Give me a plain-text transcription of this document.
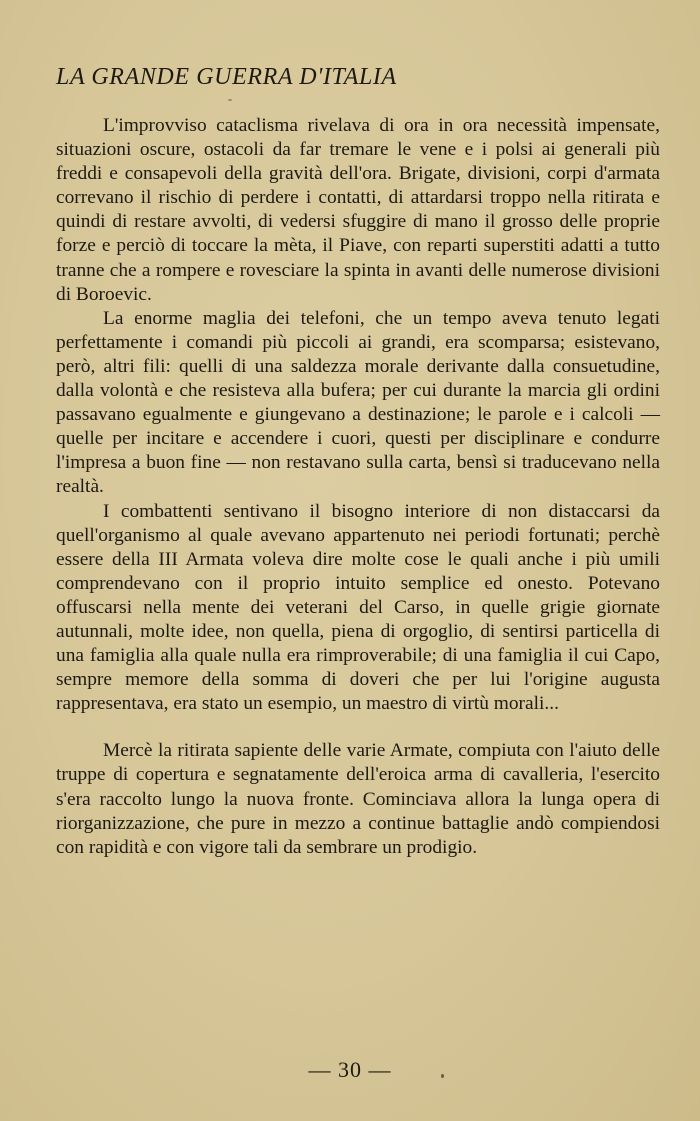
LA GRANDE GUERRA D'ITALIA

L'improvviso cataclisma rivelava di ora in ora necessità impensate, situazioni oscure, ostacoli da far tremare le vene e i polsi ai generali più freddi e consapevoli della gravità dell'ora. Brigate, divisioni, corpi d'armata correvano il rischio di perdere i contatti, di attardarsi troppo nella ritirata e quindi di restare avvolti, di vedersi sfuggire di mano il grosso delle proprie forze e perciò di toccare la mèta, il Piave, con reparti superstiti adatti a tutto tranne che a rompere e rovesciare la spinta in avanti delle numerose divisioni di Boroevic.

La enorme maglia dei telefoni, che un tempo aveva tenuto legati perfettamente i comandi più piccoli ai grandi, era scomparsa; esistevano, però, altri fili: quelli di una saldezza morale derivante dalla consuetudine, dalla volontà e che resisteva alla bufera; per cui durante la marcia gli ordini passavano egualmente e giungevano a destinazione; le parole e i calcoli — quelle per incitare e accendere i cuori, questi per disciplinare e condurre l'impresa a buon fine — non restavano sulla carta, bensì si traducevano nella realtà.

I combattenti sentivano il bisogno interiore di non distaccarsi da quell'organismo al quale avevano appartenuto nei periodi fortunati; perchè essere della III Armata voleva dire molte cose le quali anche i più umili comprendevano con il proprio intuito semplice ed onesto. Potevano offuscarsi nella mente dei veterani del Carso, in quelle grigie giornate autunnali, molte idee, non quella, piena di orgoglio, di sentirsi particella di una famiglia alla quale nulla era rimproverabile; di una famiglia il cui Capo, sempre memore della somma di doveri che per lui l'origine augusta rappresentava, era stato un esempio, un maestro di virtù morali...

Mercè la ritirata sapiente delle varie Armate, compiuta con l'aiuto delle truppe di copertura e segnatamente dell'eroica arma di cavalleria, l'esercito s'era raccolto lungo la nuova fronte. Cominciava allora la lunga opera di riorganizzazione, che pure in mezzo a continue battaglie andò compiendosi con rapidità e con vigore tali da sembrare un prodigio.

— 30 —
